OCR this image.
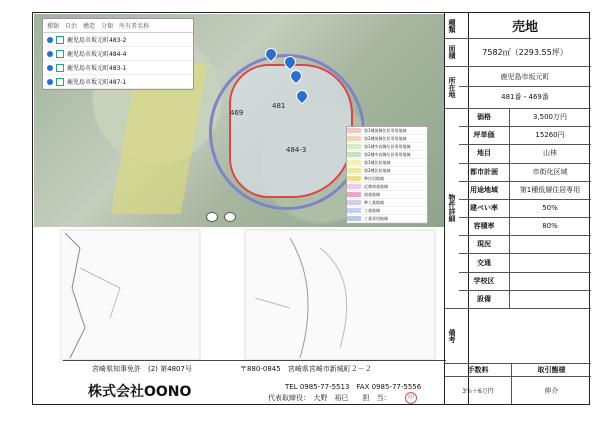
469
481
484-3
種類 自治 構造 分類 所有者名称
鹿児島市坂元町483-2
鹿児島市坂元町484-4
鹿児島市坂元町483-1
鹿児島市坂元町487-1
第1種低層住居専用地域
第2種低層住居専用地域
第1種中高層住居専用地域
第2種中高層住居専用地域
第1種住居地域
第2種住居地域
準住居地域
近隣商業地域
商業地域
準工業地域
工業地域
工業専用地域
宮崎県知事免許　(2) 第4807号	〒880-0845　宮崎県宮崎市新城町２－２
株式会社OONO	TEL 0985-77-5513　FAX 0985-77-5556
代表取締役：　大野　裕巳　　担　当：	印
種類	売地
面積	7582㎡（2293.55坪）
所在地	鹿児島市坂元町
481番・469番
物件詳細
価格	3,500万円
坪単価	15260円
地目	山林
都市計画	市街化区域
用途地域	第1種低層住居専用
建ぺい率	50%
容積率	80%
現況
交通
学校区
設備
備考
手数料	取引態様
3％＋6万円	仲介
